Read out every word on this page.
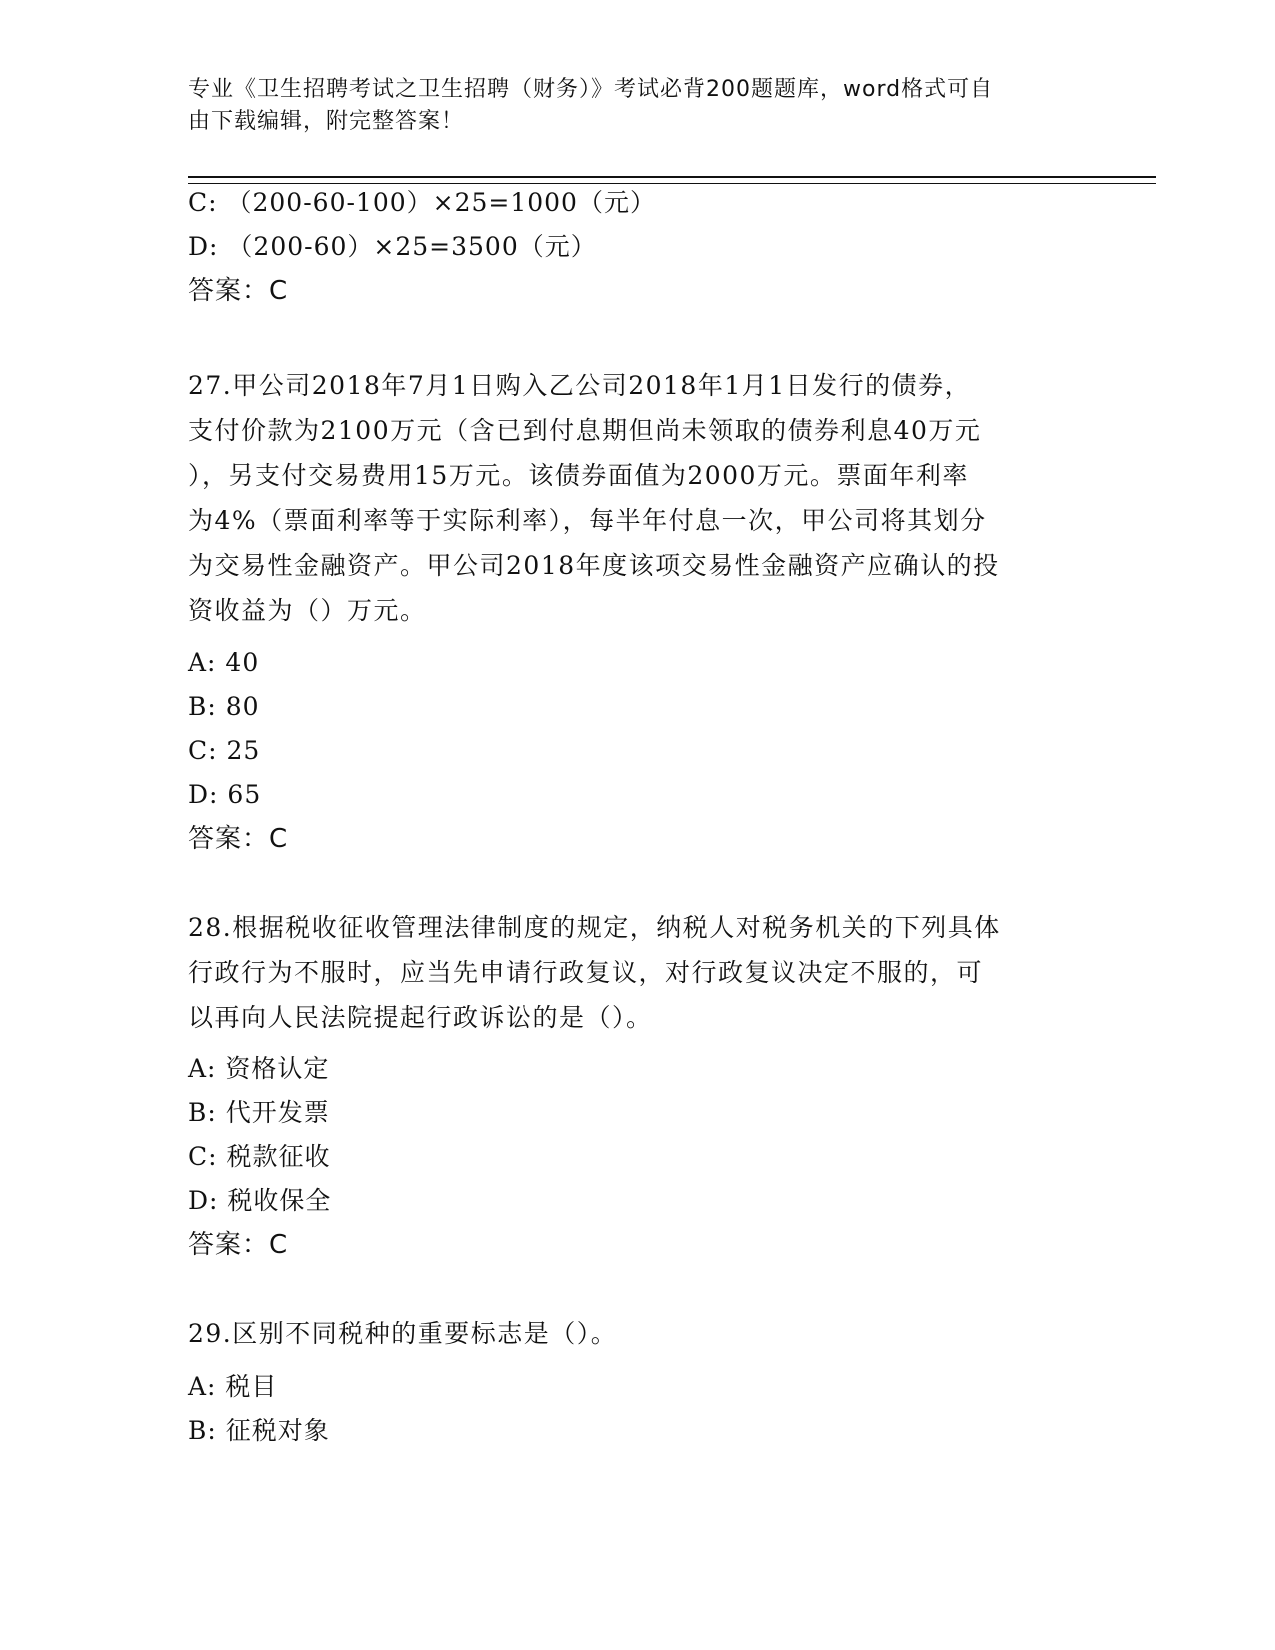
专业《卫生招聘考试之卫生招聘（财务）》考试必背200题题库，word格式可自
由下载编辑，附完整答案！
C: （200-60-100）×25=1000（元）
D: （200-60）×25=3500（元）
答案：C
27.甲公司2018年7月1日购入乙公司2018年1月1日发行的债券，
支付价款为2100万元（含已到付息期但尚未领取的债券利息40万元
），另支付交易费用15万元。该债券面值为2000万元。票面年利率
为4%（票面利率等于实际利率），每半年付息一次，甲公司将其划分
为交易性金融资产。甲公司2018年度该项交易性金融资产应确认的投
资收益为（）万元。
A: 40
B: 80
C: 25
D: 65
答案：C
28.根据税收征收管理法律制度的规定，纳税人对税务机关的下列具体
行政行为不服时，应当先申请行政复议，对行政复议决定不服的，可
以再向人民法院提起行政诉讼的是（）。
A: 资格认定
B: 代开发票
C: 税款征收
D: 税收保全
答案：C
29.区别不同税种的重要标志是（）。
A: 税目
B: 征税对象
